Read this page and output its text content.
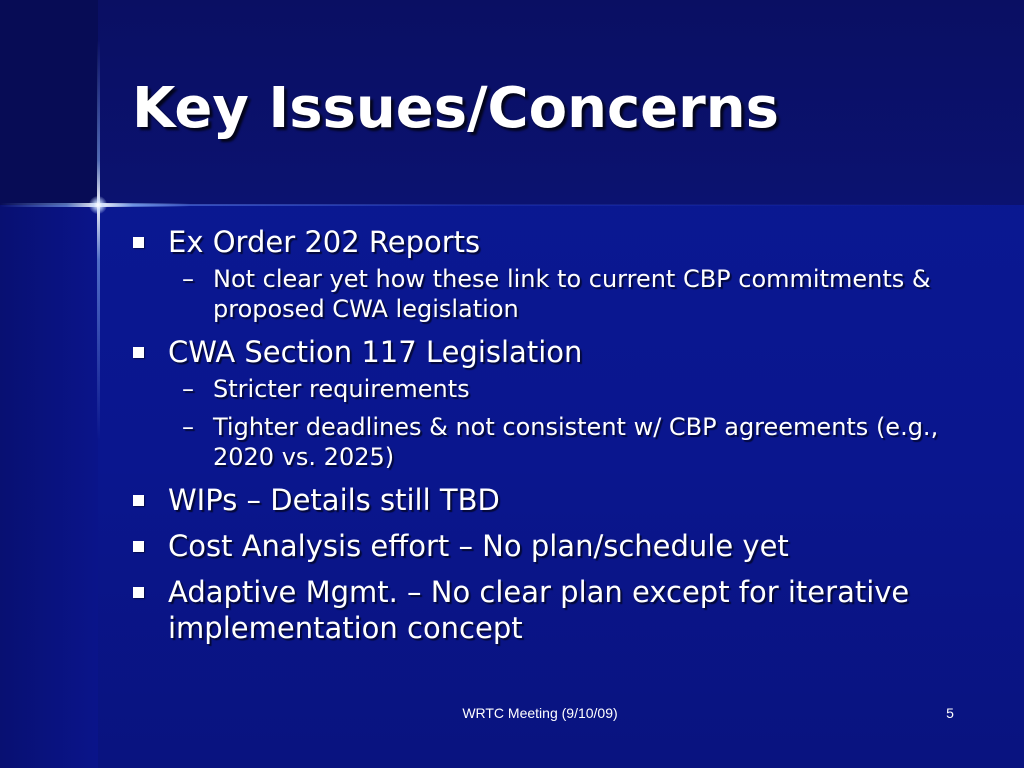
Key Issues/Concerns
Ex Order 202 Reports
– Not clear yet how these link to current CBP commitments & proposed CWA legislation
CWA Section 117 Legislation
– Stricter requirements
– Tighter deadlines & not consistent w/ CBP agreements (e.g., 2020 vs. 2025)
WIPs – Details still TBD
Cost Analysis effort – No plan/schedule yet
Adaptive Mgmt. – No clear plan except for iterative implementation concept
WRTC Meeting (9/10/09)	5
